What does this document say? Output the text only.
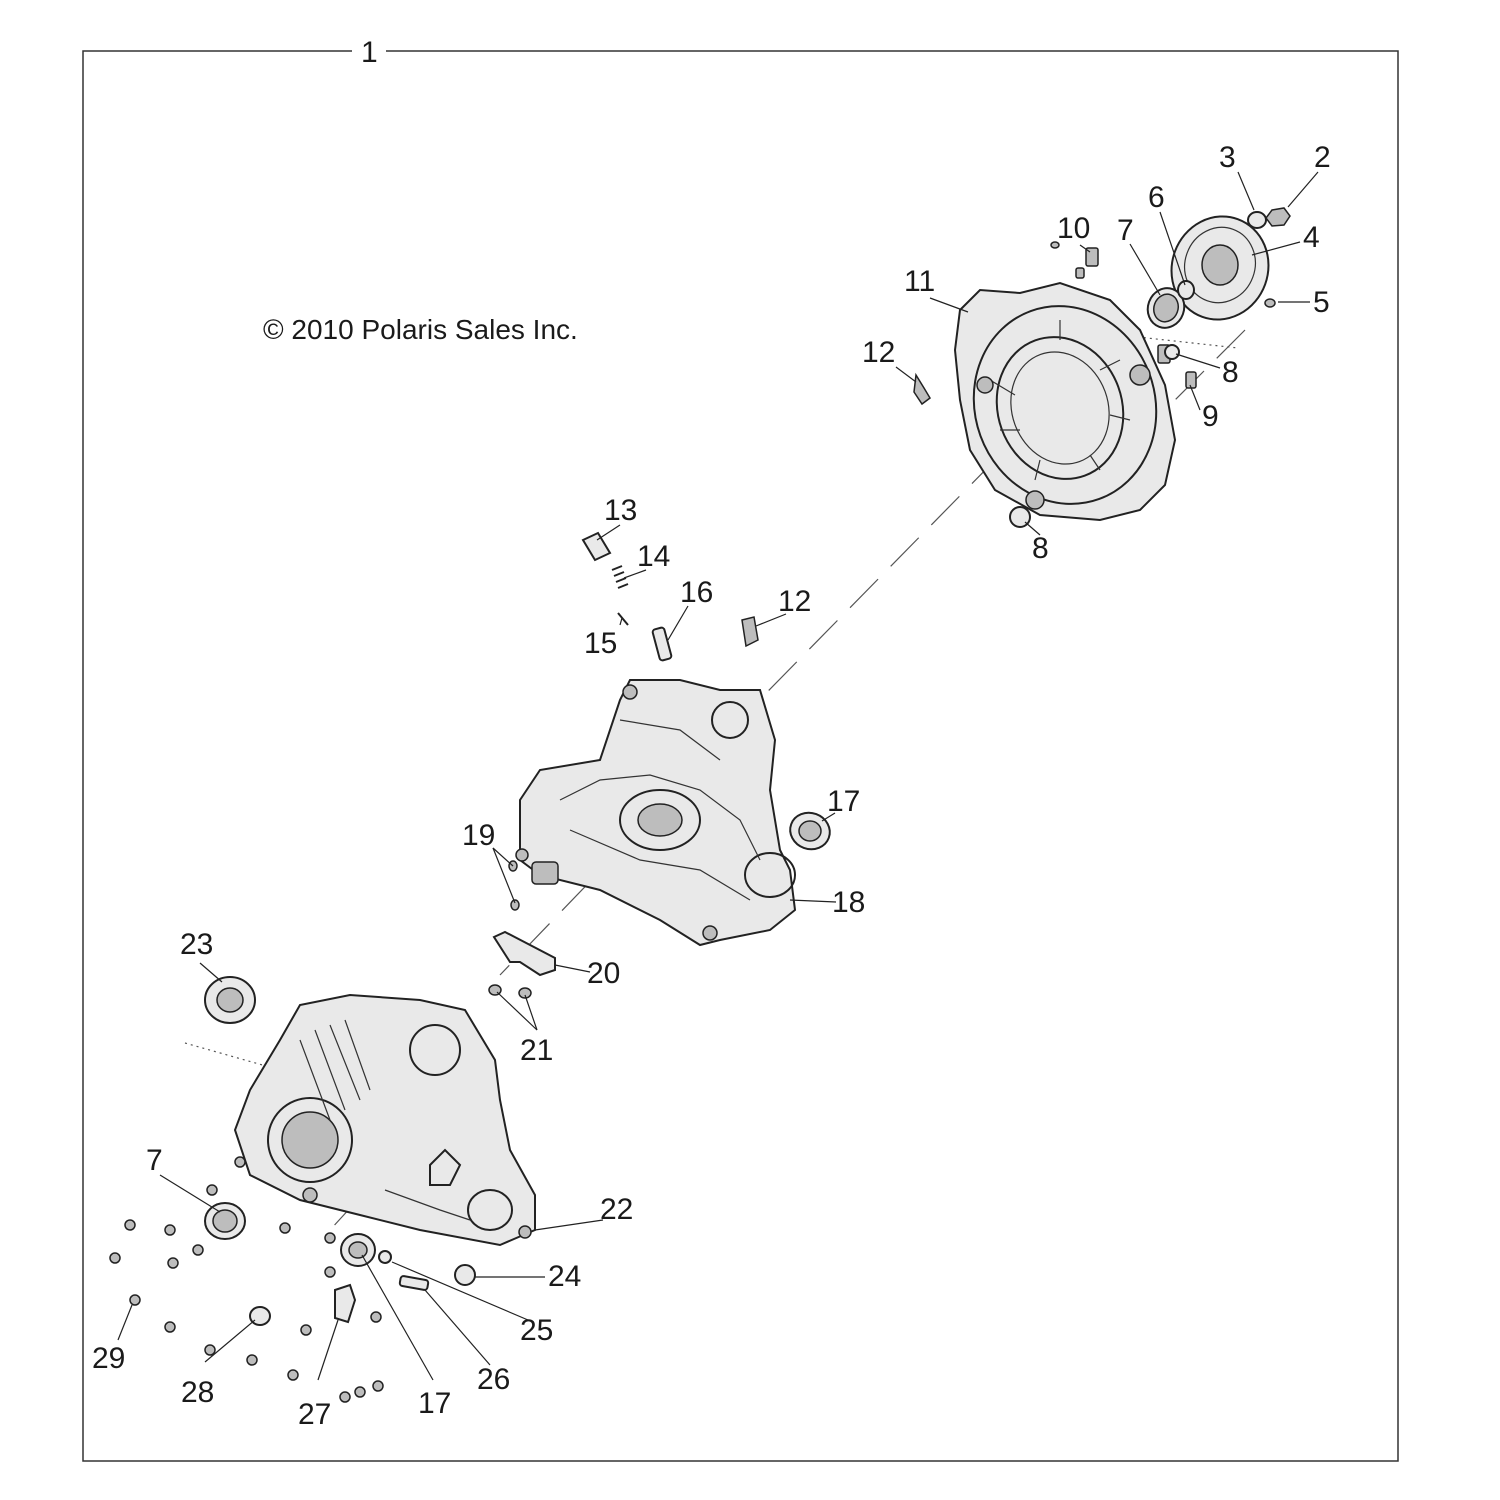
© 2010 Polaris Sales Inc.
1
2
3
4
5
6
7
8
9
10
11
12
8
13
14
16 12
15
17
19
18
23
20
21
7
22
24
25
29
26
28	17
27
